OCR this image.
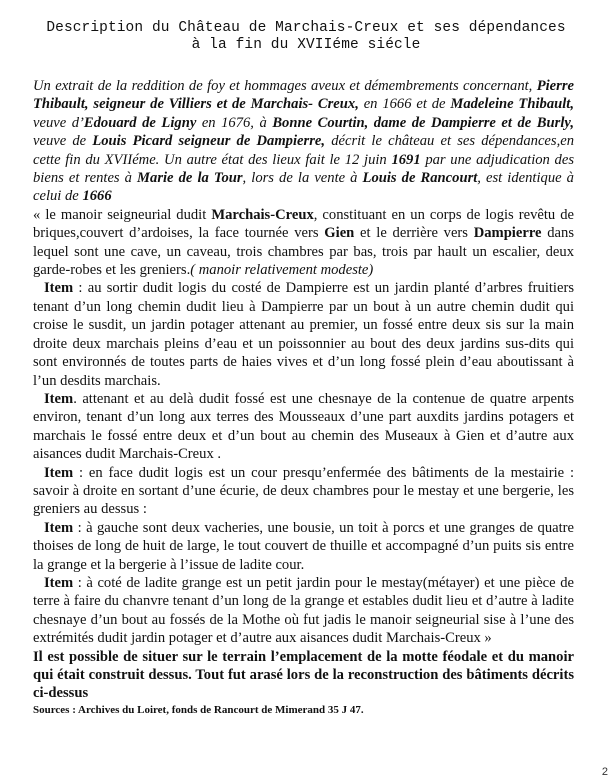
Description du Château de Marchais-Creux et ses dépendances
à la fin du XVIIéme siécle

Un extrait de la reddition de foy et hommages aveux et démembrements concernant, Pierre Thibault, seigneur de Villiers et de Marchais- Creux, en 1666 et de Madeleine Thibault, veuve d’Edouard de Ligny en 1676, à Bonne Courtin, dame de Dampierre et de Burly, veuve de Louis Picard seigneur de Dampierre, décrit le château et ses dépendances,en cette fin du XVIIéme. Un autre état des lieux fait le 12 juin 1691 par une adjudication des biens et rentes à Marie de la Tour, lors de la vente à Louis de Rancourt, est identique à celui de 1666

« le manoir seigneurial dudit Marchais-Creux, constituant en un corps de logis revêtu de briques,couvert d’ardoises, la face tournée vers Gien et le derrière vers Dampierre dans lequel sont une cave, un caveau, trois chambres par bas, trois par hault un escalier, deux garde-robes et les greniers.( manoir relativement modeste)

Item : au sortir dudit logis du costé de Dampierre est un jardin planté d’arbres fruitiers tenant d’un long chemin dudit lieu à Dampierre par un bout à un autre chemin dudit qui croise le susdit, un jardin potager attenant au premier, un fossé entre deux sis sur la main droite deux marchais pleins d’eau et un poissonnier au bout des deux jardins sus-dits qui sont environnés de toutes parts de haies vives et d’un long fossé plein d’eau aboutissant à l’un desdits marchais.

Item. attenant et au delà dudit fossé est une chesnaye de la contenue de quatre arpents environ, tenant d’un long aux terres des Mousseaux d’une part auxdits jardins potagers et marchais le fossé entre deux et d’un bout au chemin des Museaux à Gien et d’autre aux aisances dudit Marchais-Creux .

Item : en face dudit logis est un cour presqu’enfermée des bâtiments de la mestairie : savoir à droite en sortant d’une écurie, de deux chambres pour le mestay et une bergerie, les greniers au dessus :

Item : à gauche sont deux vacheries, une bousie, un toit à porcs et une granges de quatre thoises de long de huit de large, le tout couvert de thuille et accompagné d’un puits sis entre la grange et la bergerie à l’issue de ladite cour.

Item : à coté de ladite grange est un petit jardin pour le mestay(métayer) et une pièce de terre à faire du chanvre tenant d’un long de la grange et estables dudit lieu et d’autre à ladite chesnaye d’un bout au fossés de la Mothe où fut jadis le manoir seigneurial sise à l’une des extrémités dudit jardin potager et d’autre aux aisances dudit Marchais-Creux »

Il est possible de situer sur le terrain l’emplacement de la motte féodale et du manoir qui était construit dessus. Tout fut arasé lors de la reconstruction des bâtiments décrits ci-dessus

Sources : Archives du Loiret, fonds de Rancourt de Mimerand 35 J 47.

2
